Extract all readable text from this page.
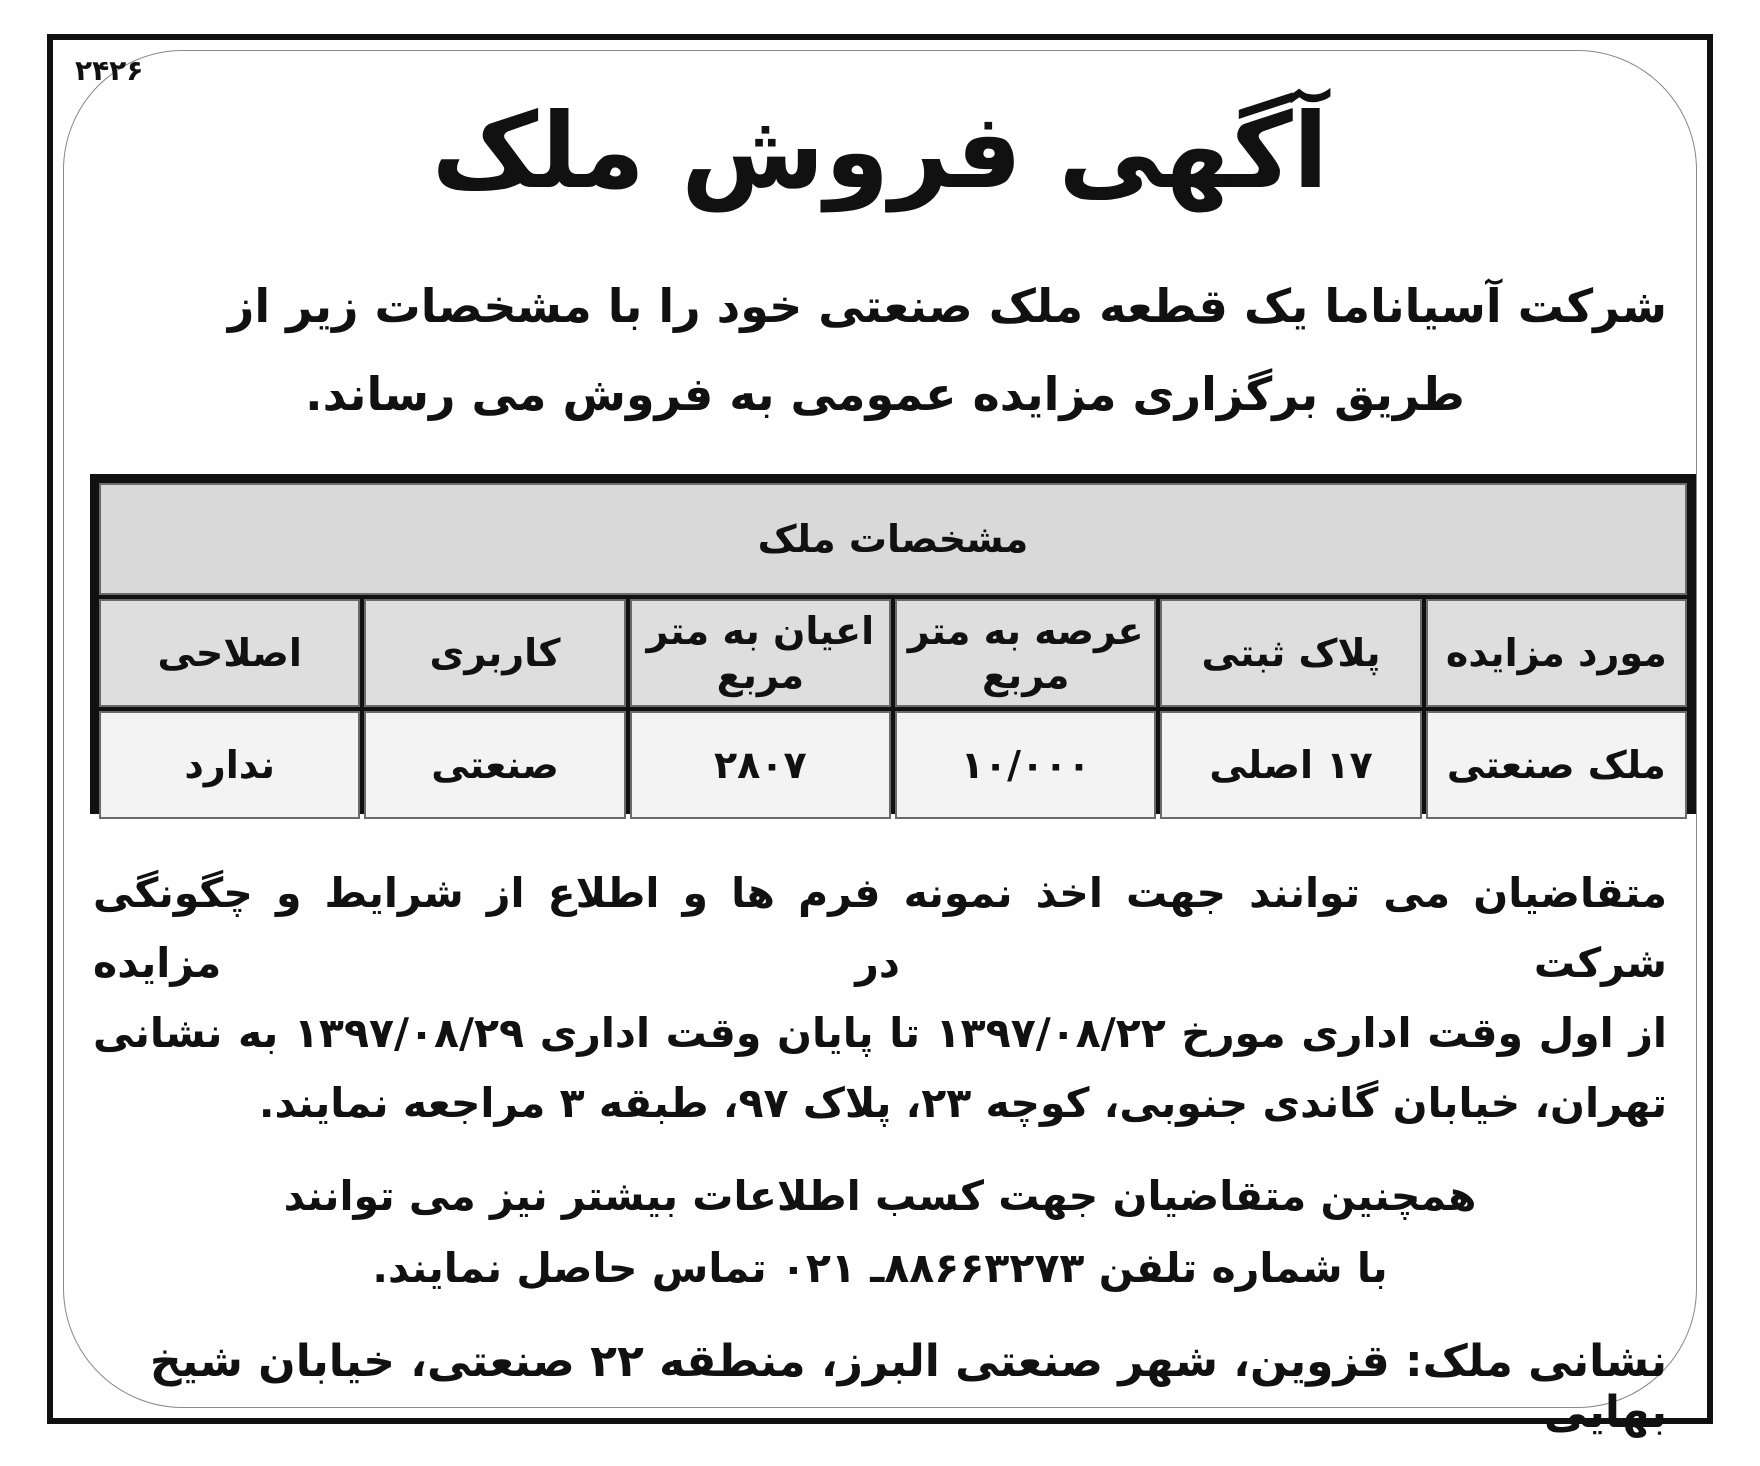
۲۴۲۶
آگهی فروش ملک
شرکت آسیاناما یک قطعه ملک صنعتی خود را با مشخصات زیر از
طریق برگزاری مزایده عمومی به فروش می رساند.
مشخصات ملک					
مورد مزایده	پلاک ثبتی	عرصه به متر مربع	اعیان به متر مربع	کاربری	اصلاحی
ملک صنعتی	۱۷ اصلی	۱۰/۰۰۰	۲۸۰۷	صنعتی	ندارد
متقاضیان می توانند جهت اخذ نمونه فرم ها و اطلاع از شرایط و چگونگی شرکت در مزایده
از اول وقت اداری مورخ ۱۳۹۷/۰۸/۲۲ تا پایان وقت اداری ۱۳۹۷/۰۸/۲۹ به نشانی
تهران، خیابان گاندی جنوبی، کوچه ۲۳، پلاک ۹۷، طبقه ۳ مراجعه نمایند.
همچنین متقاضیان جهت کسب اطلاعات بیشتر نیز می توانند
با شماره تلفن ۸۸۶۶۳۲۷۳ـ ۰۲۱ تماس حاصل نمایند.
نشانی ملک: قزوین، شهر صنعتی البرز، منطقه ۲۲ صنعتی، خیابان شیخ بهایی
